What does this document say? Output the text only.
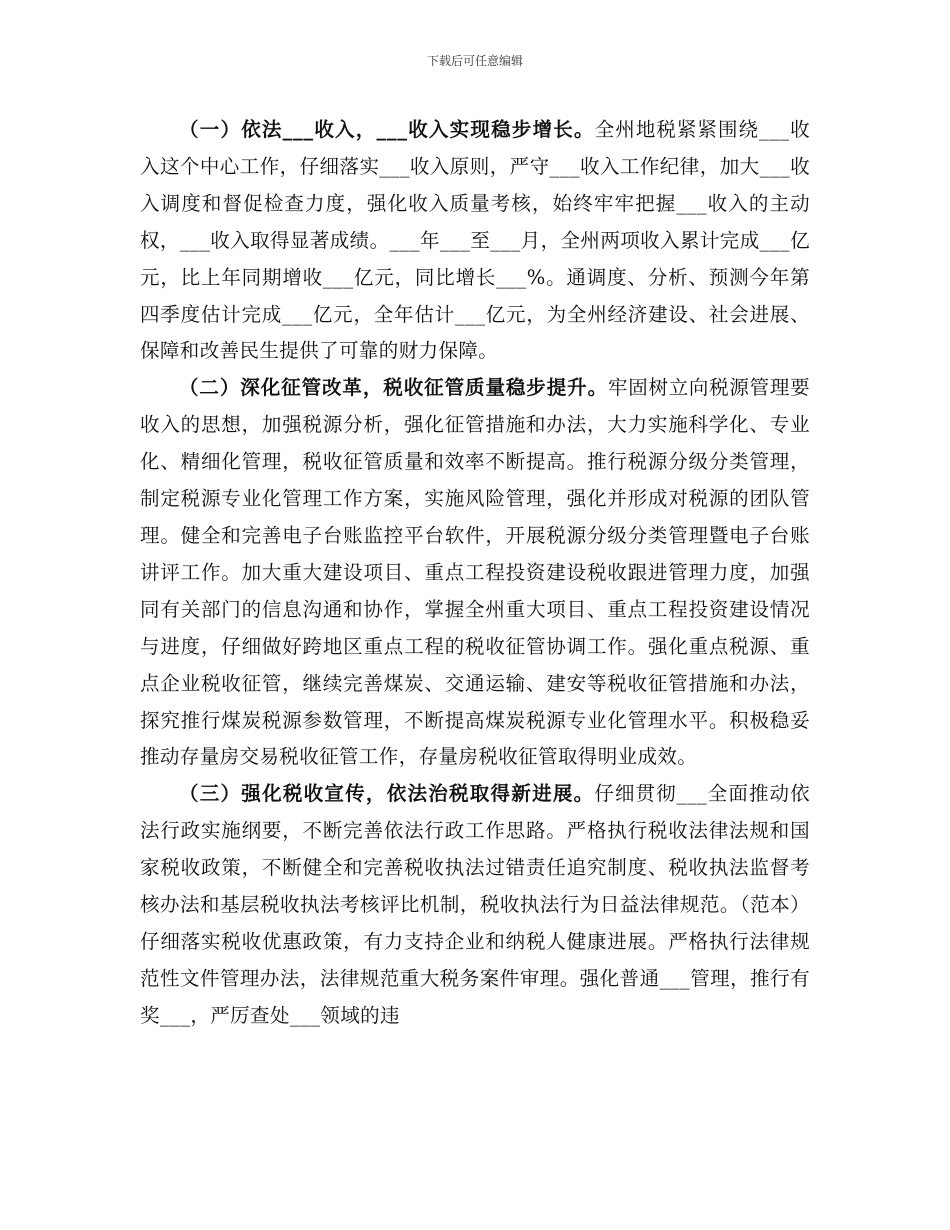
下载后可任意编辑

（一）依法___收入，___收入实现稳步增长。全州地税紧紧围绕___收入这个中心工作，仔细落实___收入原则，严守___收入工作纪律，加大___收入调度和督促检查力度，强化收入质量考核，始终牢牢把握___收入的主动权，___收入取得显著成绩。___年___至___月，全州两项收入累计完成___亿元，比上年同期增收___亿元，同比增长___%。通调度、分析、预测今年第四季度估计完成___亿元，全年估计___亿元，为全州经济建设、社会进展、保障和改善民生提供了可靠的财力保障。

（二）深化征管改革，税收征管质量稳步提升。牢固树立向税源管理要收入的思想，加强税源分析，强化征管措施和办法，大力实施科学化、专业化、精细化管理，税收征管质量和效率不断提高。推行税源分级分类管理，制定税源专业化管理工作方案，实施风险管理，强化并形成对税源的团队管理。健全和完善电子台账监控平台软件，开展税源分级分类管理暨电子台账讲评工作。加大重大建设项目、重点工程投资建设税收跟进管理力度，加强同有关部门的信息沟通和协作，掌握全州重大项目、重点工程投资建设情况与进度，仔细做好跨地区重点工程的税收征管协调工作。强化重点税源、重点企业税收征管，继续完善煤炭、交通运输、建安等税收征管措施和办法，探究推行煤炭税源参数管理，不断提高煤炭税源专业化管理水平。积极稳妥推动存量房交易税收征管工作，存量房税收征管取得明业成效。

（三）强化税收宣传，依法治税取得新进展。仔细贯彻___全面推动依法行政实施纲要，不断完善依法行政工作思路。严格执行税收法律法规和国家税收政策，不断健全和完善税收执法过错责任追究制度、税收执法监督考核办法和基层税收执法考核评比机制，税收执法行为日益法律规范。（范本）仔细落实税收优惠政策，有力支持企业和纳税人健康进展。严格执行法律规范性文件管理办法，法律规范重大税务案件审理。强化普通___管理，推行有奖___，严厉查处___领域的违
